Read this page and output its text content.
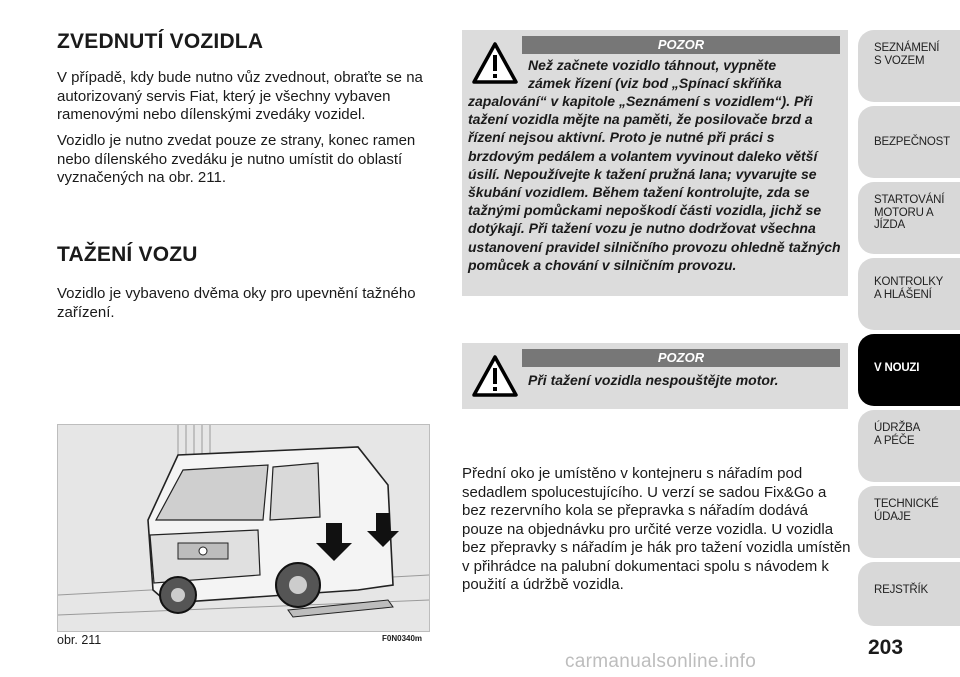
ZVEDNUTÍ VOZIDLA

V případě, kdy bude nutno vůz zvednout, obraťte se na autorizovaný servis Fiat, který je všechny vybaven ramenovými nebo dílenskými zvedáky vozidel.

Vozidlo je nutno zvedat pouze ze strany, konec ramen nebo dílenského zvedáku je nutno umístit do oblastí vyznačených na obr. 211.

TAŽENÍ VOZU

Vozidlo je vybaveno dvěma oky pro upevnění tažného zařízení.

obr. 211	F0N0340m
POZOR
Než začnete vozidlo táhnout, vypněte
zámek řízení (viz bod „Spínací skříňka
zapalování“ v kapitole „Seznámení s vozidlem“). Při tažení vozidla mějte na paměti, že posilovače brzd a řízení nejsou aktivní. Proto je nutné při práci s brzdovým pedálem a volantem vyvinout daleko větší úsilí. Nepoužívejte k tažení pružná lana; vyvarujte se škubání vozidlem. Během tažení kontrolujte, zda se tažnými pomůckami nepoškodí části vozidla, jichž se dotýkají. Při tažení vozu je nutno dodržovat všechna ustanovení pravidel silničního provozu ohledně tažných pomůcek a chování v silničním provozu.
POZOR
Při tažení vozidla nespouštějte motor.

Přední oko je umístěno v kontejneru s nářadím pod sedadlem spolucestujícího. U verzí se sadou Fix&Go a bez rezervního kola se přepravka s nářadím dodává pouze na objednávku pro určité verze vozidla. U vozidla bez přepravky s nářadím je hák pro tažení vozidla umístěn v přihrádce na palubní dokumentaci spolu s návodem k použití a údržbě vozidla.

SEZNÁMENÍ S VOZEM
BEZPEČNOST
STARTOVÁNÍ MOTORU A JÍZDA
KONTROLKY A HLÁŠENÍ
V NOUZI
ÚDRŽBA A PÉČE
TECHNICKÉ ÚDAJE
REJSTŘÍK
203
carmanualsonline.info
